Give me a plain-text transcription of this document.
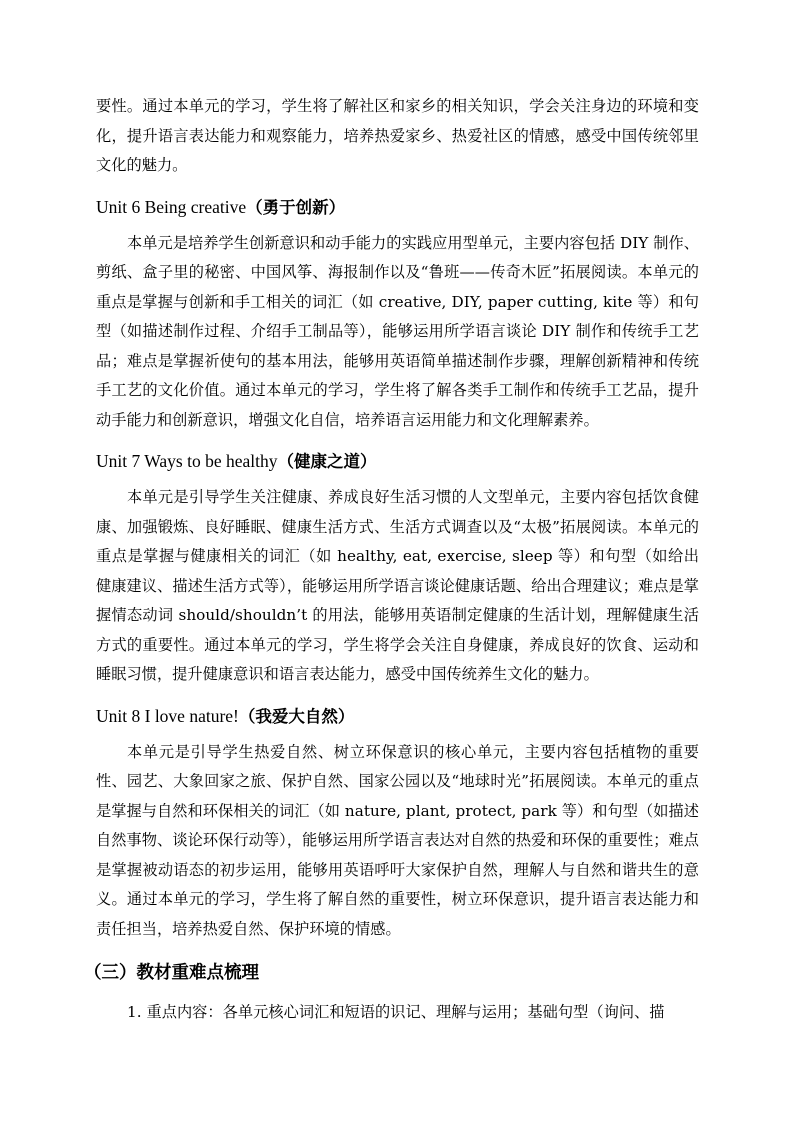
要性。通过本单元的学习，学生将了解社区和家乡的相关知识，学会关注身边的环境和变化，提升语言表达能力和观察能力，培养热爱家乡、热爱社区的情感，感受中国传统邻里文化的魅力。

Unit 6 Being creative（勇于创新）

本单元是培养学生创新意识和动手能力的实践应用型单元，主要内容包括 DIY 制作、剪纸、盒子里的秘密、中国风筝、海报制作以及“鲁班——传奇木匠”拓展阅读。本单元的重点是掌握与创新和手工相关的词汇（如 creative, DIY, paper cutting, kite 等）和句型（如描述制作过程、介绍手工制品等），能够运用所学语言谈论 DIY 制作和传统手工艺品；难点是掌握祈使句的基本用法，能够用英语简单描述制作步骤，理解创新精神和传统手工艺的文化价值。通过本单元的学习，学生将了解各类手工制作和传统手工艺品，提升动手能力和创新意识，增强文化自信，培养语言运用能力和文化理解素养。

Unit 7 Ways to be healthy（健康之道）

本单元是引导学生关注健康、养成良好生活习惯的人文型单元，主要内容包括饮食健康、加强锻炼、良好睡眠、健康生活方式、生活方式调查以及“太极”拓展阅读。本单元的重点是掌握与健康相关的词汇（如 healthy, eat, exercise, sleep 等）和句型（如给出健康建议、描述生活方式等），能够运用所学语言谈论健康话题、给出合理建议；难点是掌握情态动词 should/shouldn’t 的用法，能够用英语制定健康的生活计划，理解健康生活方式的重要性。通过本单元的学习，学生将学会关注自身健康，养成良好的饮食、运动和睡眠习惯，提升健康意识和语言表达能力，感受中国传统养生文化的魅力。

Unit 8 I love nature!（我爱大自然）

本单元是引导学生热爱自然、树立环保意识的核心单元，主要内容包括植物的重要性、园艺、大象回家之旅、保护自然、国家公园以及“地球时光”拓展阅读。本单元的重点是掌握与自然和环保相关的词汇（如 nature, plant, protect, park 等）和句型（如描述自然事物、谈论环保行动等），能够运用所学语言表达对自然的热爱和环保的重要性；难点是掌握被动语态的初步运用，能够用英语呼吁大家保护自然，理解人与自然和谐共生的意义。通过本单元的学习，学生将了解自然的重要性，树立环保意识，提升语言表达能力和责任担当，培养热爱自然、保护环境的情感。

（三）教材重难点梳理

1. 重点内容：各单元核心词汇和短语的识记、理解与运用；基础句型（询问、描
